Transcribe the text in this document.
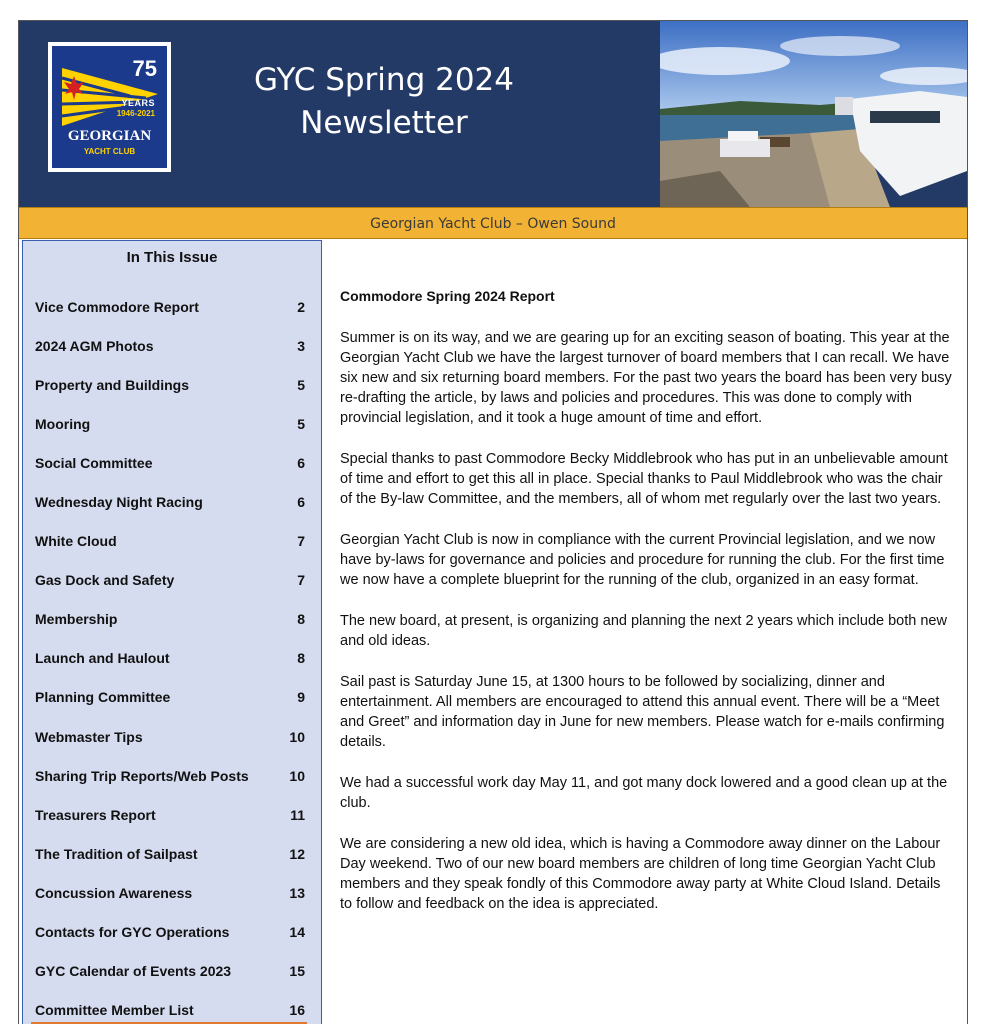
75
YEARS
1946-2021
GEORGIAN
YACHT CLUB
GYC Spring 2024
Newsletter
Georgian Yacht Club – Owen Sound
In This Issue
Vice Commodore Report	2
2024 AGM Photos	3
Property and Buildings	5
Mooring	5
Social Committee	6
Wednesday Night Racing	6
White Cloud	7
Gas Dock and Safety	7
Membership	8
Launch and Haulout	8
Planning Committee	9
Webmaster Tips	10
Sharing Trip Reports/Web Posts	10
Treasurers Report	11
The Tradition of Sailpast	12
Concussion Awareness	13
Contacts for GYC Operations	14
GYC Calendar of Events 2023	15
Committee Member List	16
Commodore Spring 2024 Report

Summer is on its way, and we are gearing up for an exciting season of boating. This year at the Georgian Yacht Club we have the largest turnover of board members that I can recall. We have six new and six returning board members. For the past two years the board has been very busy re-drafting the article, by laws and policies and procedures. This was done to comply with provincial legislation, and it took a huge amount of time and effort.

Special thanks to past Commodore Becky Middlebrook who has put in an unbelievable amount of time and effort to get this all in place. Special thanks to Paul Middlebrook who was the chair of the By-law Committee, and the members, all of whom met regularly over the last two years.

Georgian Yacht Club is now in compliance with the current Provincial legislation, and we now have by-laws for governance and policies and procedure for running the club. For the first time we now have a complete blueprint for the running of the club, organized in an easy format.

The new board, at present, is organizing and planning the next 2 years which include both new and old ideas.

Sail past is Saturday June 15, at 1300 hours to be followed by socializing, dinner and entertainment. All members are encouraged to attend this annual event. There will be a “Meet and Greet” and information day in June for new members. Please watch for e-mails confirming details.

We had a successful work day May 11, and got many dock lowered and a good clean up at the club.

We are considering a new old idea, which is having a Commodore away dinner on the Labour Day weekend. Two of our new board members are children of long time Georgian Yacht Club members and they speak fondly of this Commodore away party at White Cloud Island. Details to follow and feedback on the idea is appreciated.
